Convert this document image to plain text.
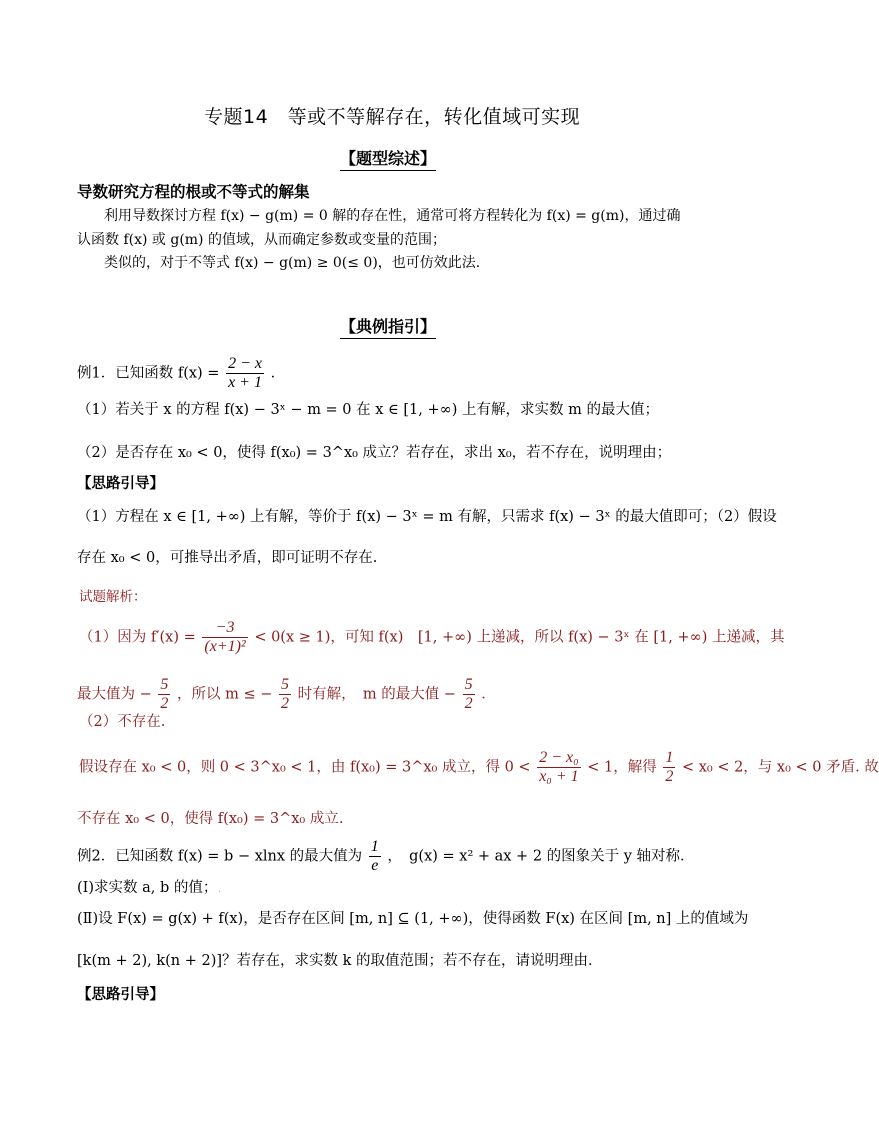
专题14　等或不等解存在，转化值域可实现
【题型综述】
导数研究方程的根或不等式的解集
利用导数探讨方程 f(x) − g(m) = 0 解的存在性，通常可将方程转化为 f(x) = g(m)，通过确
认函数 f(x) 或 g(m) 的值域，从而确定参数或变量的范围；
类似的，对于不等式 f(x) − g(m) ≥ 0(≤ 0)，也可仿效此法.
【典例指引】
例1．已知函数 $f(x) = \frac{2 - x}{x + 1}$ ．
（1）若关于 x 的方程 f(x) − 3ˣ − m = 0 在 x ∈ [1, +∞) 上有解，求实数 m 的最大值；
（2）是否存在 x₀ < 0，使得 f(x₀) = 3^x₀ 成立？若存在，求出 x₀，若不存在，说明理由；
【思路引导】
（1）方程在 x ∈ [1, +∞) 上有解，等价于 f(x) − 3ˣ = m 有解，只需求 f(x) − 3ˣ 的最大值即可；（2）假设
存在 x₀ < 0，可推导出矛盾，即可证明不存在.
试题解析：
（1）因为 $f'(x) = \frac{-3}{\text{(x+1)²}} < 0(x \ge 1)$，可知 f(x)　[1, +∞) 上递减，所以 f(x) − 3ˣ 在 [1, +∞) 上递减，其
最大值为 − $\frac{5}{2}$ ，所以 m ≤ − $\frac{5}{2}$ 时有解，　m 的最大值 − $\frac{5}{2}$ ．
（2）不存在.
假设存在 x₀ < 0，则 0 < 3^x₀ < 1，由 f(x₀) = 3^x₀ 成立，得 $0 < \frac{\text{2 − x₀}}{\text{x₀ + 1}} < 1$，解得 $\frac{1}{2} < x_0 < 2$，与 x₀ < 0 矛盾. 故
不存在 x₀ < 0，使得 f(x₀) = 3^x₀ 成立.
例2．已知函数 f(x) = b − xlnx 的最大值为 $\frac{1}{e}$ ，　g(x) = x² + ax + 2 的图象关于 y 轴对称．
(Ⅰ)求实数 a, b 的值； .
(Ⅱ)设 F(x) = g(x) + f(x)，是否存在区间 [m, n] ⊆ (1, +∞)，使得函数 F(x) 在区间 [m, n] 上的值域为
[k(m + 2), k(n + 2)]？若存在，求实数 k 的取值范围；若不存在，请说明理由．
【思路引导】
